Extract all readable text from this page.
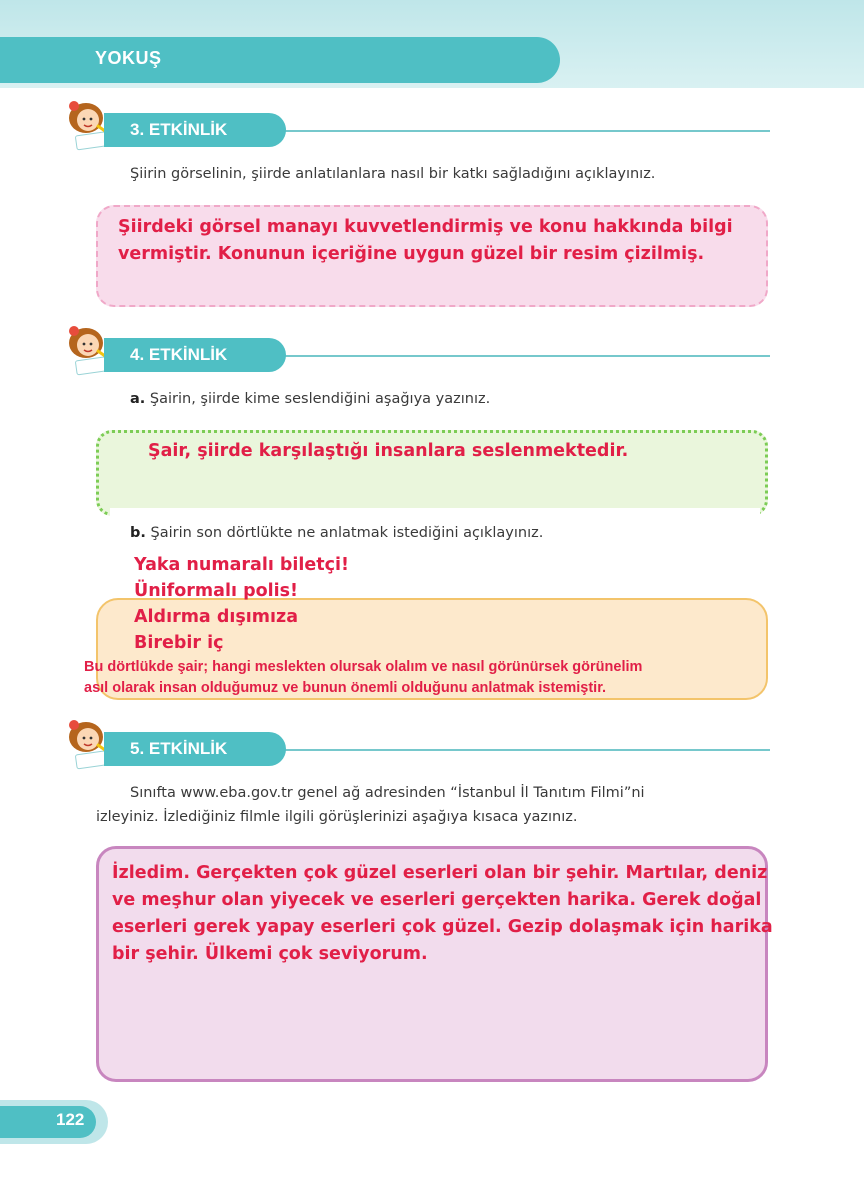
YOKUŞ
3. ETKİNLİK
Şiirin görselinin, şiirde anlatılanlara nasıl bir katkı sağladığını açıklayınız.
Şiirdeki görsel manayı kuvvetlendirmiş ve konu hakkında bilgi
vermiştir. Konunun içeriğine uygun güzel bir resim çizilmiş.
4. ETKİNLİK
a. Şairin, şiirde kime seslendiğini aşağıya yazınız.
Şair, şiirde karşılaştığı insanlara seslenmektedir.
b. Şairin son dörtlükte ne anlatmak istediğini açıklayınız.
Yaka numaralı biletçi!
Üniformalı polis!
Aldırma dışımıza
Birebir iç
Bu dörtlükde şair; hangi meslekten olursak olalım ve nasıl görünürsek görünelim
asıl olarak insan olduğumuz ve bunun önemli olduğunu anlatmak istemiştir.
5. ETKİNLİK
Sınıfta www.eba.gov.tr genel ağ adresinden “İstanbul İl Tanıtım Filmi”ni
izleyiniz. İzlediğiniz filmle ilgili görüşlerinizi aşağıya kısaca yazınız.
İzledim. Gerçekten çok güzel eserleri olan bir şehir. Martılar, deniz
ve meşhur olan yiyecek ve eserleri gerçekten harika. Gerek doğal
eserleri gerek yapay eserleri çok güzel. Gezip dolaşmak için harika
bir şehir. Ülkemi çok seviyorum.
122
